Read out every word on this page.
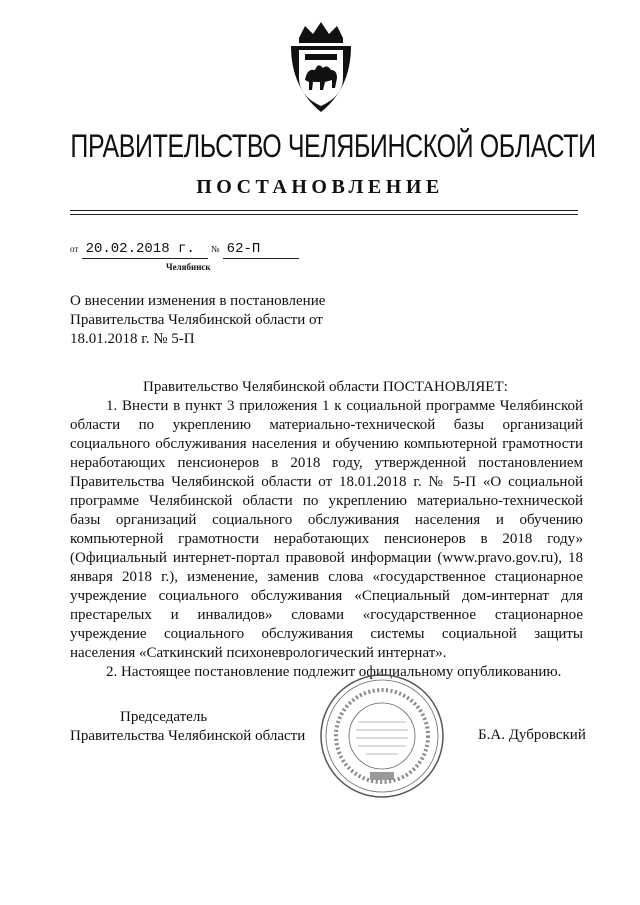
ПРАВИТЕЛЬСТВО ЧЕЛЯБИНСКОЙ ОБЛАСТИ
ПОСТАНОВЛЕНИЕ
от 20.02.2018 г. № 62-П
Челябинск
О внесении изменения в постановление
Правительства Челябинской области от
18.01.2018 г. № 5-П

Правительство Челябинской области ПОСТАНОВЛЯЕТ:

1. Внести в пункт 3 приложения 1 к социальной программе Челябинской области по укреплению материально-технической базы организаций социального обслуживания населения и обучению компьютерной грамотности неработающих пенсионеров в 2018 году, утвержденной постановлением Правительства Челябинской области от 18.01.2018 г. № 5-П «О социальной программе Челябинской области по укреплению материально-технической базы организаций социального обслуживания населения и обучению компьютерной грамотности неработающих пенсионеров в 2018 году» (Официальный интернет-портал правовой информации (www.pravo.gov.ru), 18 января 2018 г.), изменение, заменив слова «государственное стационарное учреждение социального обслуживания «Специальный дом-интернат для престарелых и инвалидов» словами «государственное стационарное учреждение социального обслуживания системы социальной защиты населения «Саткинский психоневрологический интернат».

2. Настоящее постановление подлежит официальному опубликованию.

Председатель
Правительства Челябинской области	Б.А. Дубровский
